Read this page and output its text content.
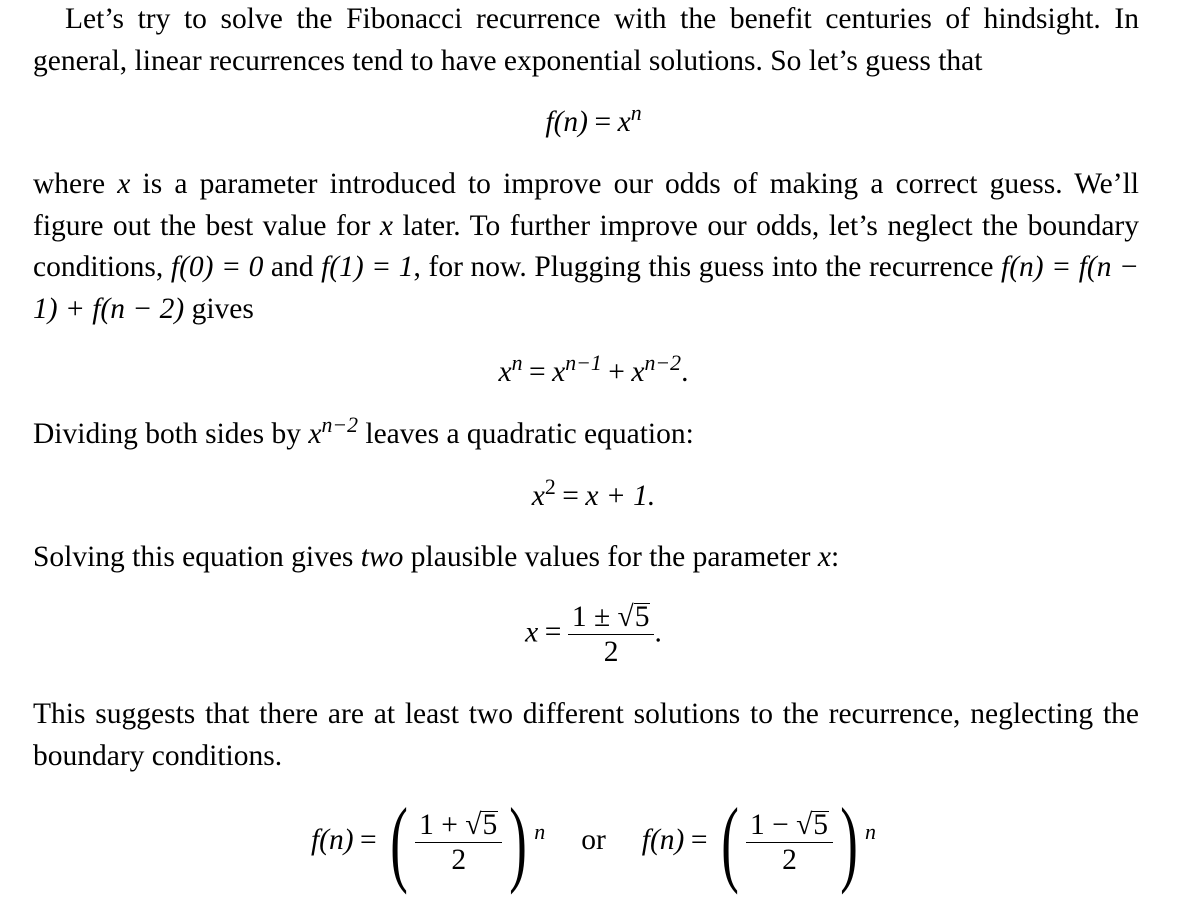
Let’s try to solve the Fibonacci recurrence with the benefit centuries of hindsight. In general, linear recurrences tend to have exponential solutions. So let’s guess that

$f(n) = x^n$

where x is a parameter introduced to improve our odds of making a correct guess. We’ll figure out the best value for x later. To further improve our odds, let’s neglect the boundary conditions, f(0) = 0 and f(1) = 1, for now. Plugging this guess into the recurrence f(n) = f(n − 1) + f(n − 2) gives

$x^n = x^{n-1} + x^{n-2}$.

Dividing both sides by $x^{n-2}$ leaves a quadratic equation:

$x^2 = x + 1$.

Solving this equation gives two plausible values for the parameter x:

$x = \frac{1 \pm √5}{2}$ .

This suggests that there are at least two different solutions to the recurrence, neglecting the boundary conditions.

f(n) = ( $\frac{1 + √5}{2}$ ) n or f(n) = ( $\frac{1 - √5}{2}$ ) n
